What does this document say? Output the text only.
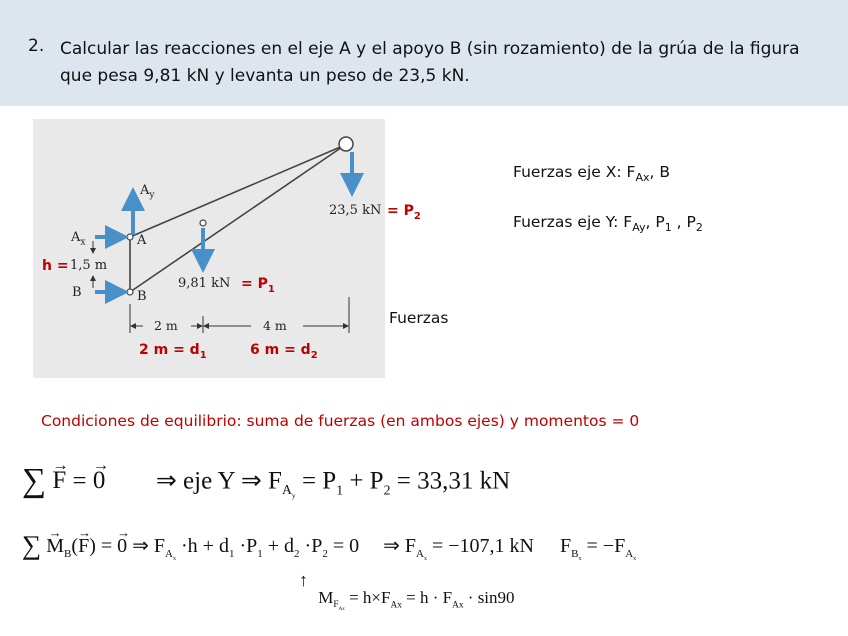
2. Calcular las reacciones en el eje A y el apoyo B (sin rozamiento) de la grúa de la figura que pesa 9,81 kN y levanta un peso de 23,5 kN.
$A_y$
$A_x$	A
h = 1,5 m
B	B
23,5 kN = $P_2$
9,81 kN = $P_1$
2 m	4 m
2 $m = d_1$	6 $m = d_2$
Fuerzas
Fuerzas eje X: $F_{Ax}$, B
Fuerzas eje Y: $F_{Ay}$, $P_1$ , $P_2$
Condiciones de equilibrio: suma de fuerzas (en ambos ejes) y momentos = 0
∑ → F = → 0 ⇒ eje Y ⇒ $F_{A_y} = P_1 + P_2 = 33,31$ kN
∑ → $M_B(\to F)$ = → 0 ⇒ $F_{A_x} \cdot h + d_1 \cdot P_1 + d_2 \cdot P_2 = 0$ ⇒ $F_{A_x} = -107,1$ kN $F_{B_x} = -F_{A_x}$
↑
$M_{F_{Ax}} = h\times F_{Ax} = h \cdot F_{Ax} \cdot \sin 90$
